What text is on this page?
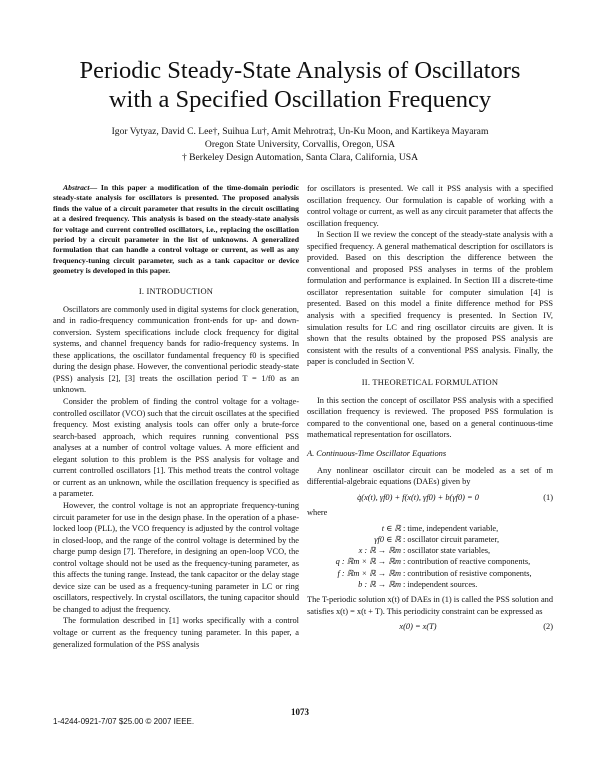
Periodic Steady-State Analysis of Oscillators
with a Specified Oscillation Frequency
Igor Vytyaz, David C. Lee†, Suihua Lu†, Amit Mehrotra‡, Un-Ku Moon, and Kartikeya Mayaram
Oregon State University, Corvallis, Oregon, USA
† Berkeley Design Automation, Santa Clara, California, USA

Abstract— In this paper a modification of the time-domain periodic steady-state analysis for oscillators is presented. The proposed analysis finds the value of a circuit parameter that results in the circuit oscillating at a desired frequency. This analysis is based on the steady-state analysis for voltage and current controlled oscillators, i.e., replacing the oscillation period by a circuit parameter in the list of unknowns. A generalized formulation that can handle a control voltage or current, as well as any frequency-tuning circuit parameter, such as a tank capacitor or device geometry is developed in this paper.

I. INTRODUCTION

Oscillators are commonly used in digital systems for clock generation, and in radio-frequency communication front-ends for up- and down-conversion. System specifications include clock frequency for digital systems, and channel frequency bands for radio-frequency systems. In these applications, the oscillator fundamental frequency f0 is specified during the design phase. However, the conventional periodic steady-state (PSS) analysis [2], [3] treats the oscillation period T = 1/f0 as an unknown.

Consider the problem of finding the control voltage for a voltage-controlled oscillator (VCO) such that the circuit oscillates at the specified frequency. Most existing analysis tools can offer only a brute-force search-based approach, which requires running conventional PSS analyses at a number of control voltage values. A more efficient and elegant solution to this problem is the PSS analysis for voltage and current controlled oscillators [1]. This method treats the control voltage or current as an unknown, while the oscillation frequency is specified as a parameter.

However, the control voltage is not an appropriate frequency-tuning circuit parameter for use in the design phase. In the operation of a phase-locked loop (PLL), the VCO frequency is adjusted by the control voltage in closed-loop, and the range of the control voltage is determined by the charge pump design [7]. Therefore, in designing an open-loop VCO, the control voltage should not be used as the frequency-tuning parameter, as this affects the tuning range. Instead, the tank capacitor or the delay stage device size can be used as a frequency-tuning parameter in LC or ring oscillators, respectively. In crystal oscillators, the tuning capacitor should be changed to adjust the frequency.

The formulation described in [1] works specifically with a control voltage or current as the frequency tuning parameter. In this paper, a generalized formulation of the PSS analysis

for oscillators is presented. We call it PSS analysis with a specified oscillation frequency. Our formulation is capable of working with a control voltage or current, as well as any circuit parameter that affects the oscillation frequency.

In Section II we review the concept of the steady-state analysis with a specified frequency. A general mathematical description for oscillators is provided. Based on this description the difference between the conventional and proposed PSS analyses in terms of the problem formulation and performance is explained. In Section III a discrete-time oscillator representation suitable for computer simulation [4] is presented. Based on this model a finite difference method for PSS analysis with a specified frequency is presented. In Section IV, simulation results for LC and ring oscillator circuits are given. It is shown that the results obtained by the proposed PSS analysis are consistent with the results of a conventional PSS analysis. Finally, the paper is concluded in Section V.

II. THEORETICAL FORMULATION

In this section the concept of oscillator PSS analysis with a specified oscillation frequency is reviewed. The proposed PSS formulation is compared to the conventional one, based on a general continuous-time mathematical representation for oscillators.

A. Continuous-Time Oscillator Equations

Any nonlinear oscillator circuit can be modeled as a set of m differential-algebraic equations (DAEs) given by

q̇(x(t), γf0) + f(x(t), γf0) + b(γf0) = 0	(1)

where

t ∈ ℝ : time, independent variable,
γf0 ∈ ℝ : oscillator circuit parameter,
x : ℝ → ℝm : oscillator state variables,
q : ℝm × ℝ → ℝm : contribution of reactive components,
f : ℝm × ℝ → ℝm : contribution of resistive components,
b : ℝ → ℝm : independent sources.

The T-periodic solution x(t) of DAEs in (1) is called the PSS solution and satisfies x(t) = x(t + T). This periodicity constraint can be expressed as

x(0) = x(T)	(2)
1073
1-4244-0921-7/07 $25.00 © 2007 IEEE.
